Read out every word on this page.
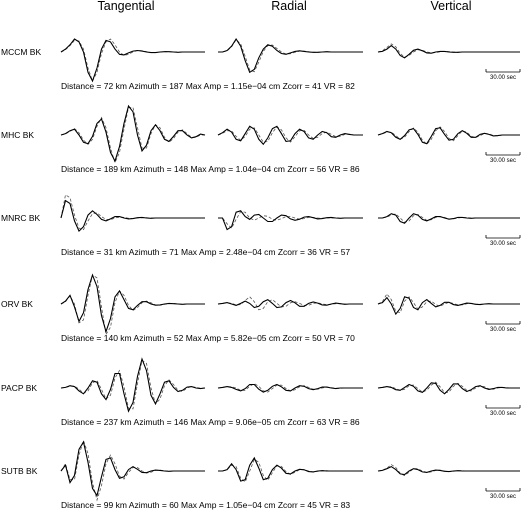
Tangential	Radial	Vertical
MCCM BK
Distance = 72 km Azimuth = 187 Max Amp = 1.15e−04 cm Zcorr = 41 VR = 82
30.00 sec
MHC BK
Distance = 189 km Azimuth = 148 Max Amp = 1.04e−04 cm Zcorr = 56 VR = 86
30.00 sec
MNRC BK
Distance = 31 km Azimuth = 71 Max Amp = 2.48e−04 cm Zcorr = 36 VR = 57
30.00 sec
ORV BK
Distance = 140 km Azimuth = 52 Max Amp = 5.82e−05 cm Zcorr = 50 VR = 70
30.00 sec
PACP BK
Distance = 237 km Azimuth = 146 Max Amp = 9.06e−05 cm Zcorr = 63 VR = 86
30.00 sec
SUTB BK
Distance = 99 km Azimuth = 60 Max Amp = 1.05e−04 cm Zcorr = 45 VR = 83
30.00 sec
